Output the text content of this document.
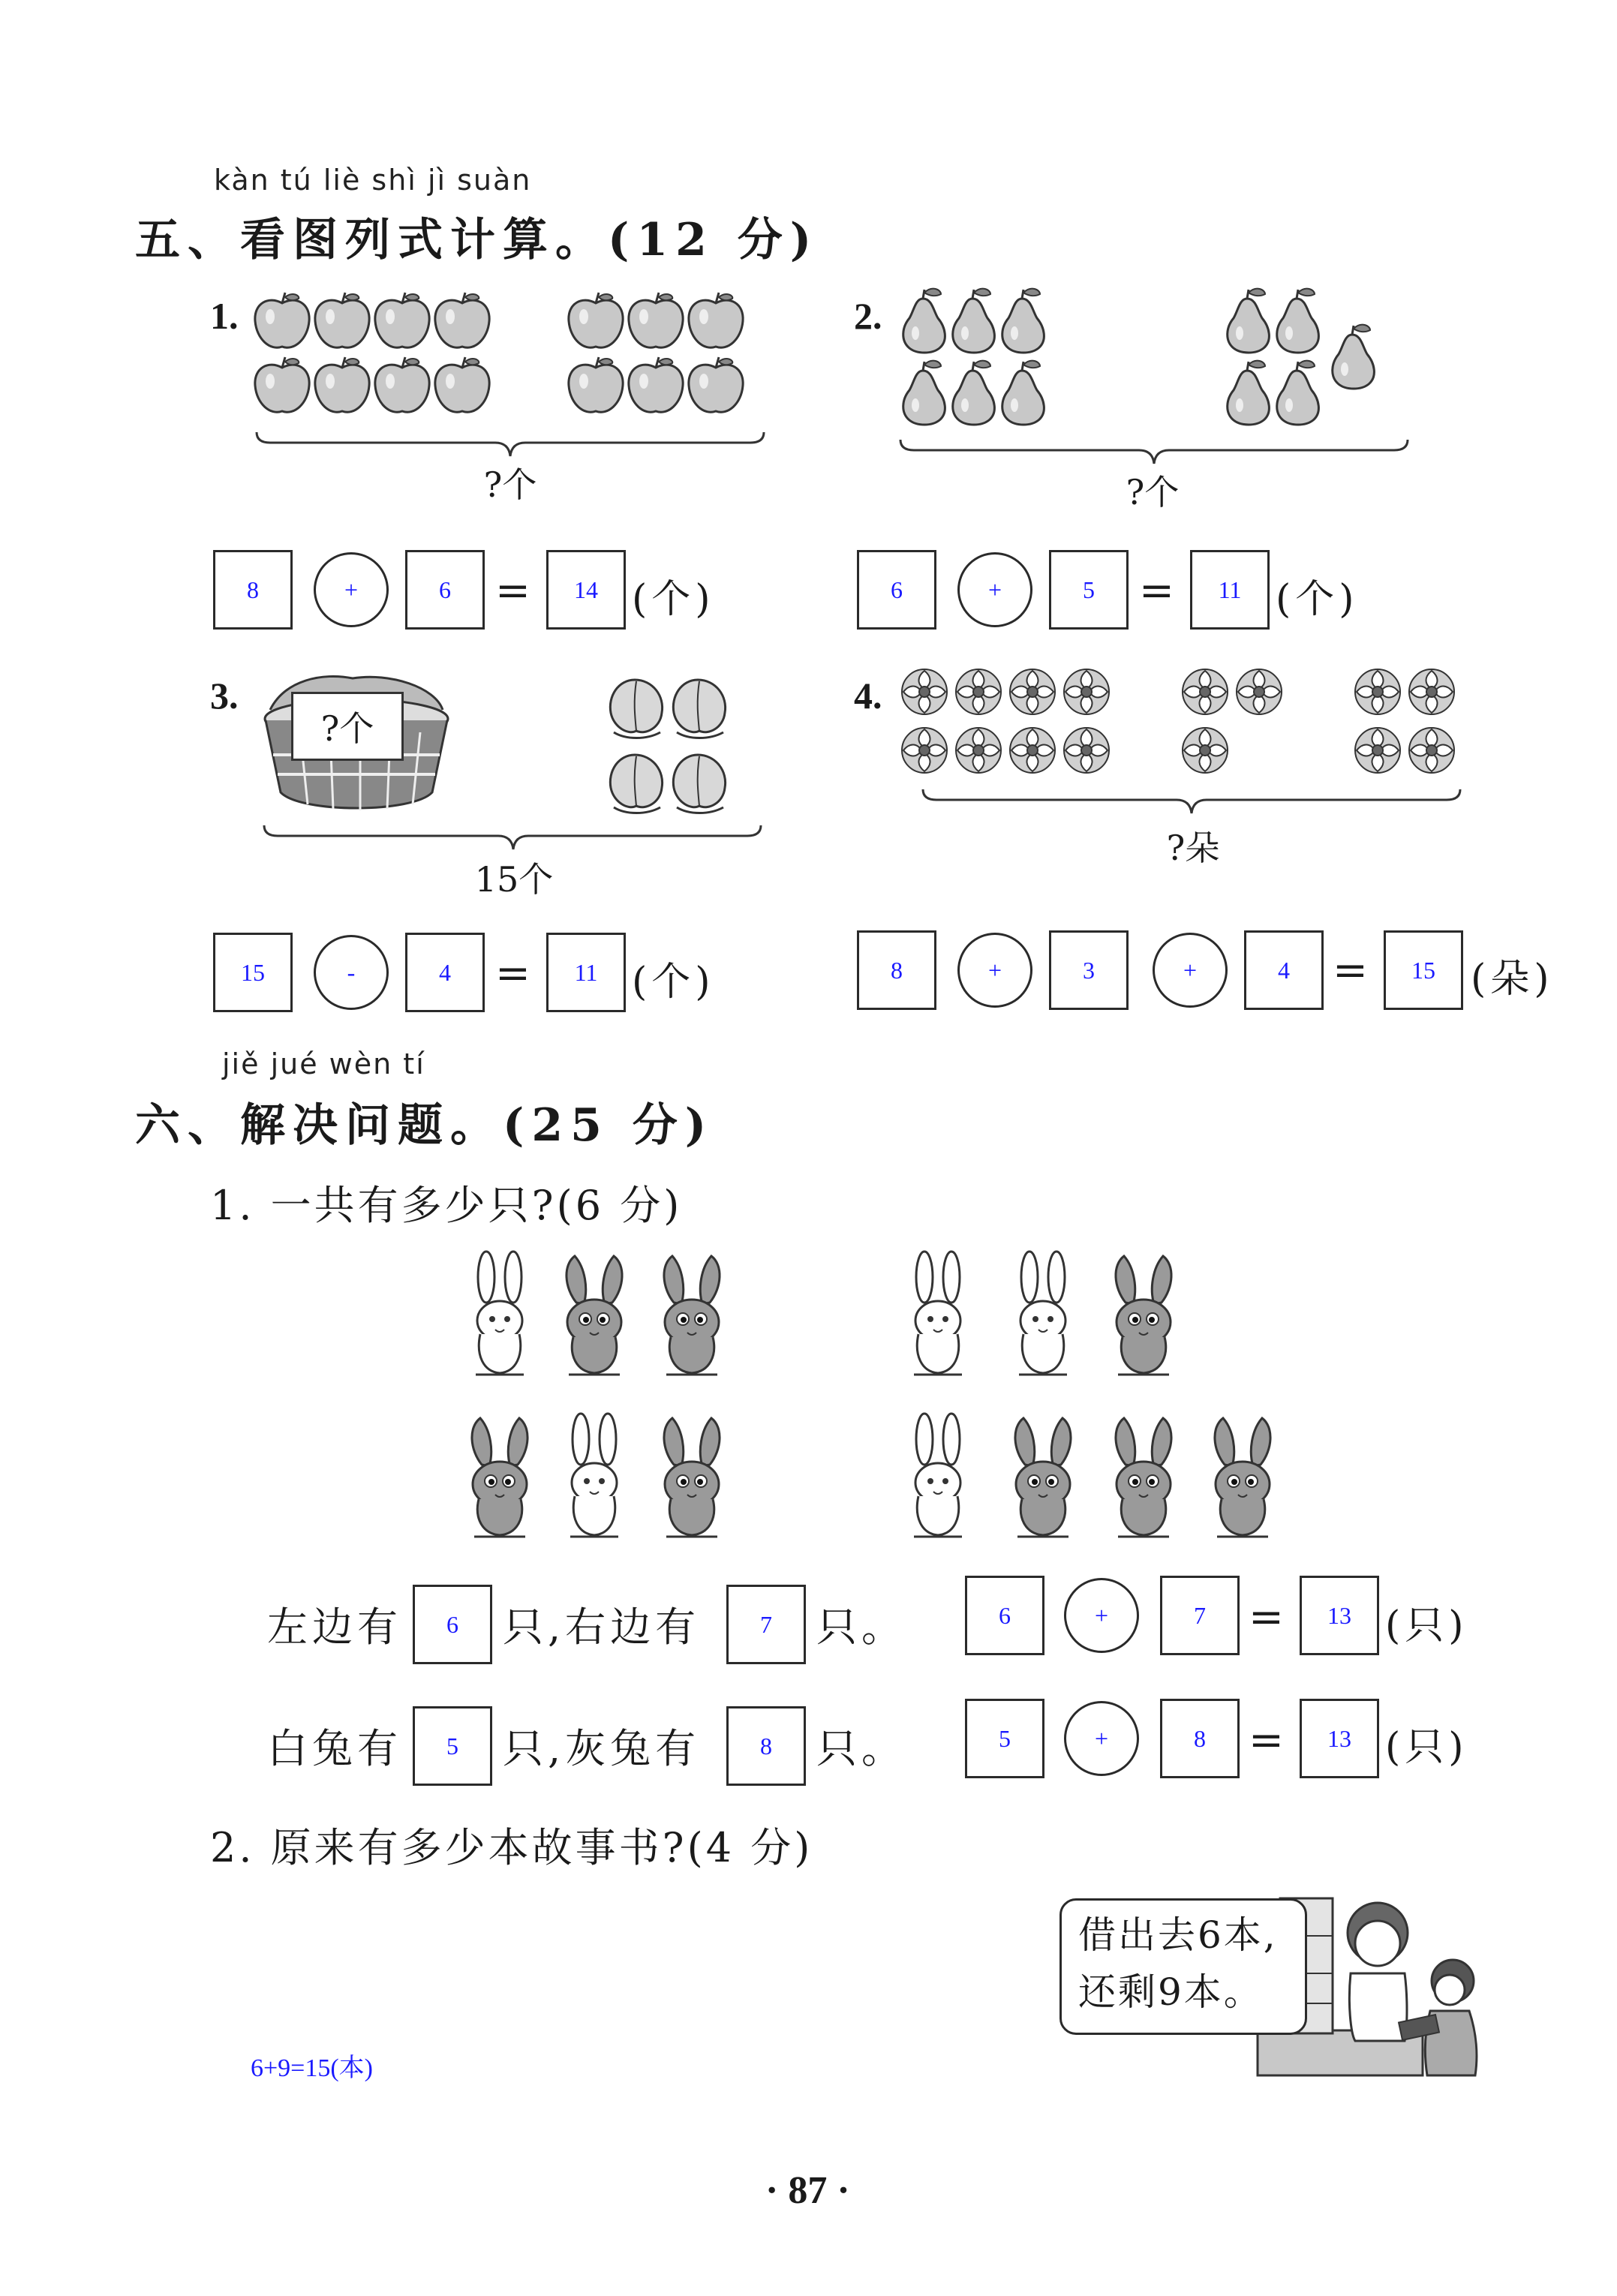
kàn tú liè shì jì suàn
五、看图列式计算。(12 分)
1.
?个
8	+	6	=	14 (个)
2.
?个
6	+	5	=	11 (个)
3.
?个
15个
15	-	4	=	11 (个)
4.
?朵
8	+	3	+	4	=	15 (朵)
jiě jué wèn tí
六、解决问题。(25 分)
1. 一共有多少只?(6 分)
左边有	6	只,右边有	7	只。	6	+	7	=	13 (只)
白兔有	5	只,灰兔有	8	只。	5	+	8	=	13 (只)
2. 原来有多少本故事书?(4 分)
借出去6本,
还剩9本。
6+9=15(本)
· 87 ·
